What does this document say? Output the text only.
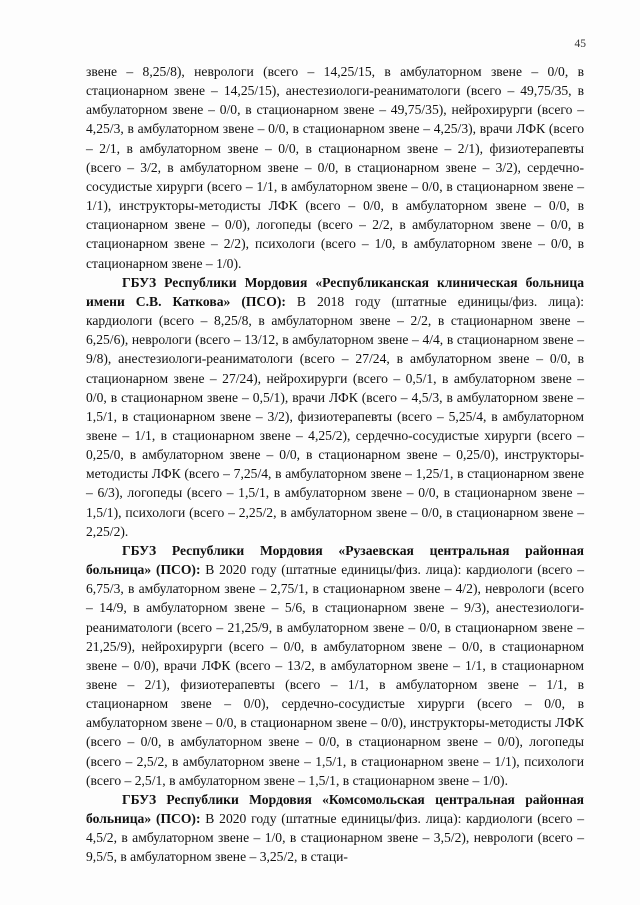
45

звене – 8,25/8), неврологи (всего – 14,25/15, в амбулаторном звене – 0/0, в стационарном звене – 14,25/15), анестезиологи-реаниматологи (всего – 49,75/35, в амбулаторном звене – 0/0, в стационарном звене – 49,75/35), нейрохирурги (всего – 4,25/3, в амбулаторном звене – 0/0, в стационарном звене – 4,25/3), врачи ЛФК (всего – 2/1, в амбулаторном звене – 0/0, в стационарном звене – 2/1), физиотерапевты (всего – 3/2, в амбулаторном звене – 0/0, в стационарном звене – 3/2), сердечно-сосудистые хирурги (всего – 1/1, в амбулаторном звене – 0/0, в стационарном звене – 1/1), инструкторы-методисты ЛФК (всего – 0/0, в амбулаторном звене – 0/0, в стационарном звене – 0/0), логопеды (всего – 2/2, в амбулаторном звене – 0/0, в стационарном звене – 2/2), психологи (всего – 1/0, в амбулаторном звене – 0/0, в стационарном звене – 1/0).

ГБУЗ Республики Мордовия «Республиканская клиническая больница имени С.В. Каткова» (ПСО): В 2018 году (штатные единицы/физ. лица): кардиологи (всего – 8,25/8, в амбулаторном звене – 2/2, в стационарном звене – 6,25/6), неврологи (всего – 13/12, в амбулаторном звене – 4/4, в стационарном звене – 9/8), анестезиологи-реаниматологи (всего – 27/24, в амбулаторном звене – 0/0, в стационарном звене – 27/24), нейрохирурги (всего – 0,5/1, в амбулаторном звене – 0/0, в стационарном звене – 0,5/1), врачи ЛФК (всего – 4,5/3, в амбулаторном звене – 1,5/1, в стационарном звене – 3/2), физиотерапевты (всего – 5,25/4, в амбулаторном звене – 1/1, в стационарном звене – 4,25/2), сердечно-сосудистые хирурги (всего – 0,25/0, в амбулаторном звене – 0/0, в стационарном звене – 0,25/0), инструкторы-методисты ЛФК (всего – 7,25/4, в амбулаторном звене – 1,25/1, в стационарном звене – 6/3), логопеды (всего – 1,5/1, в амбулаторном звене – 0/0, в стационарном звене – 1,5/1), психологи (всего – 2,25/2, в амбулаторном звене – 0/0, в стационарном звене – 2,25/2).

ГБУЗ Республики Мордовия «Рузаевская центральная районная больница» (ПСО): В 2020 году (штатные единицы/физ. лица): кардиологи (всего – 6,75/3, в амбулаторном звене – 2,75/1, в стационарном звене – 4/2), неврологи (всего – 14/9, в амбулаторном звене – 5/6, в стационарном звене – 9/3), анестезиологи-реаниматологи (всего – 21,25/9, в амбулаторном звене – 0/0, в стационарном звене – 21,25/9), нейрохирурги (всего – 0/0, в амбулаторном звене – 0/0, в стационарном звене – 0/0), врачи ЛФК (всего – 13/2, в амбулаторном звене – 1/1, в стационарном звене – 2/1), физиотерапевты (всего – 1/1, в амбулаторном звене – 1/1, в стационарном звене – 0/0), сердечно-сосудистые хирурги (всего – 0/0, в амбулаторном звене – 0/0, в стационарном звене – 0/0), инструкторы-методисты ЛФК (всего – 0/0, в амбулаторном звене – 0/0, в стационарном звене – 0/0), логопеды (всего – 2,5/2, в амбулаторном звене – 1,5/1, в стационарном звене – 1/1), психологи (всего – 2,5/1, в амбулаторном звене – 1,5/1, в стационарном звене – 1/0).

ГБУЗ Республики Мордовия «Комсомольская центральная районная больница» (ПСО): В 2020 году (штатные единицы/физ. лица): кардиологи (всего – 4,5/2, в амбулаторном звене – 1/0, в стационарном звене – 3,5/2), неврологи (всего – 9,5/5, в амбулаторном звене – 3,25/2, в стаци-
